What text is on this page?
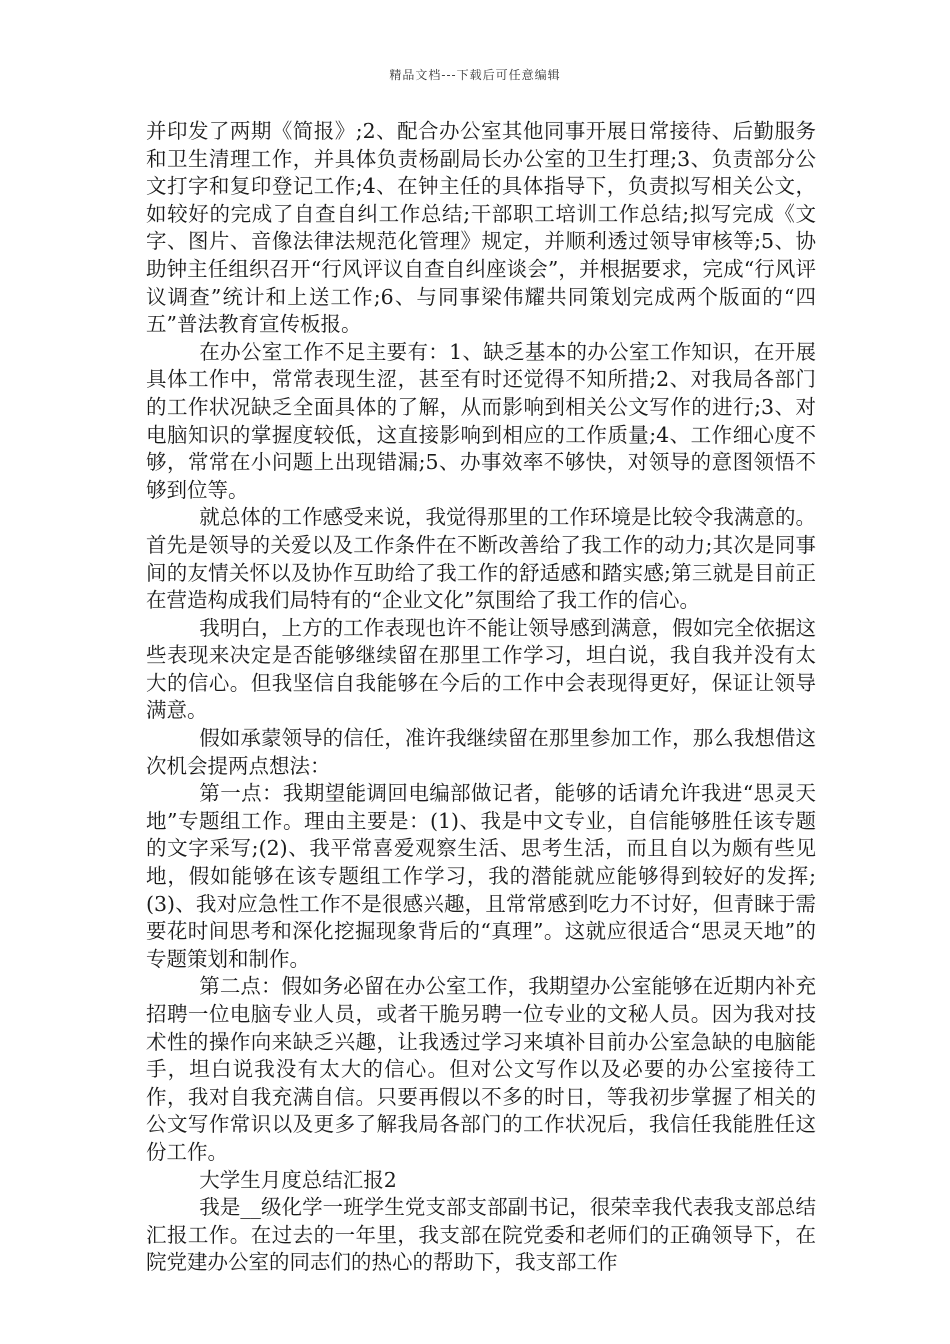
精品文档---下载后可任意编辑

并印发了两期《简报》;2、配合办公室其他同事开展日常接待、后勤服务和卫生清理工作，并具体负责杨副局长办公室的卫生打理;3、负责部分公文打字和复印登记工作;4、在钟主任的具体指导下，负责拟写相关公文，如较好的完成了自查自纠工作总结;干部职工培训工作总结;拟写完成《文字、图片、音像法律法规范化管理》规定，并顺利透过领导审核等;5、协助钟主任组织召开“行风评议自查自纠座谈会”，并根据要求，完成“行风评议调查”统计和上送工作;6、与同事梁伟耀共同策划完成两个版面的“四五”普法教育宣传板报。

在办公室工作不足主要有：1、缺乏基本的办公室工作知识，在开展具体工作中，常常表现生涩，甚至有时还觉得不知所措;2、对我局各部门的工作状况缺乏全面具体的了解，从而影响到相关公文写作的进行;3、对电脑知识的掌握度较低，这直接影响到相应的工作质量;4、工作细心度不够，常常在小问题上出现错漏;5、办事效率不够快，对领导的意图领悟不够到位等。

就总体的工作感受来说，我觉得那里的工作环境是比较令我满意的。首先是领导的关爱以及工作条件在不断改善给了我工作的动力;其次是同事间的友情关怀以及协作互助给了我工作的舒适感和踏实感;第三就是目前正在营造构成我们局特有的“企业文化”氛围给了我工作的信心。

我明白，上方的工作表现也许不能让领导感到满意，假如完全依据这些表现来决定是否能够继续留在那里工作学习，坦白说，我自我并没有太大的信心。但我坚信自我能够在今后的工作中会表现得更好，保证让领导满意。

假如承蒙领导的信任，准许我继续留在那里参加工作，那么我想借这次机会提两点想法：

第一点：我期望能调回电编部做记者，能够的话请允许我进“思灵天地”专题组工作。理由主要是：(1)、我是中文专业，自信能够胜任该专题的文字采写;(2)、我平常喜爱观察生活、思考生活，而且自以为颇有些见地，假如能够在该专题组工作学习，我的潜能就应能够得到较好的发挥;(3)、我对应急性工作不是很感兴趣，且常常感到吃力不讨好，但青睐于需要花时间思考和深化挖掘现象背后的“真理”。这就应很适合“思灵天地”的专题策划和制作。

第二点：假如务必留在办公室工作，我期望办公室能够在近期内补充招聘一位电脑专业人员，或者干脆另聘一位专业的文秘人员。因为我对技术性的操作向来缺乏兴趣，让我透过学习来填补目前办公室急缺的电脑能手，坦白说我没有太大的信心。但对公文写作以及必要的办公室接待工作，我对自我充满自信。只要再假以不多的时日，等我初步掌握了相关的公文写作常识以及更多了解我局各部门的工作状况后，我信任我能胜任这份工作。

大学生月度总结汇报2

我是__级化学一班学生党支部支部副书记，很荣幸我代表我支部总结汇报工作。在过去的一年里，我支部在院党委和老师们的正确领导下，在院党建办公室的同志们的热心的帮助下，我支部工作
